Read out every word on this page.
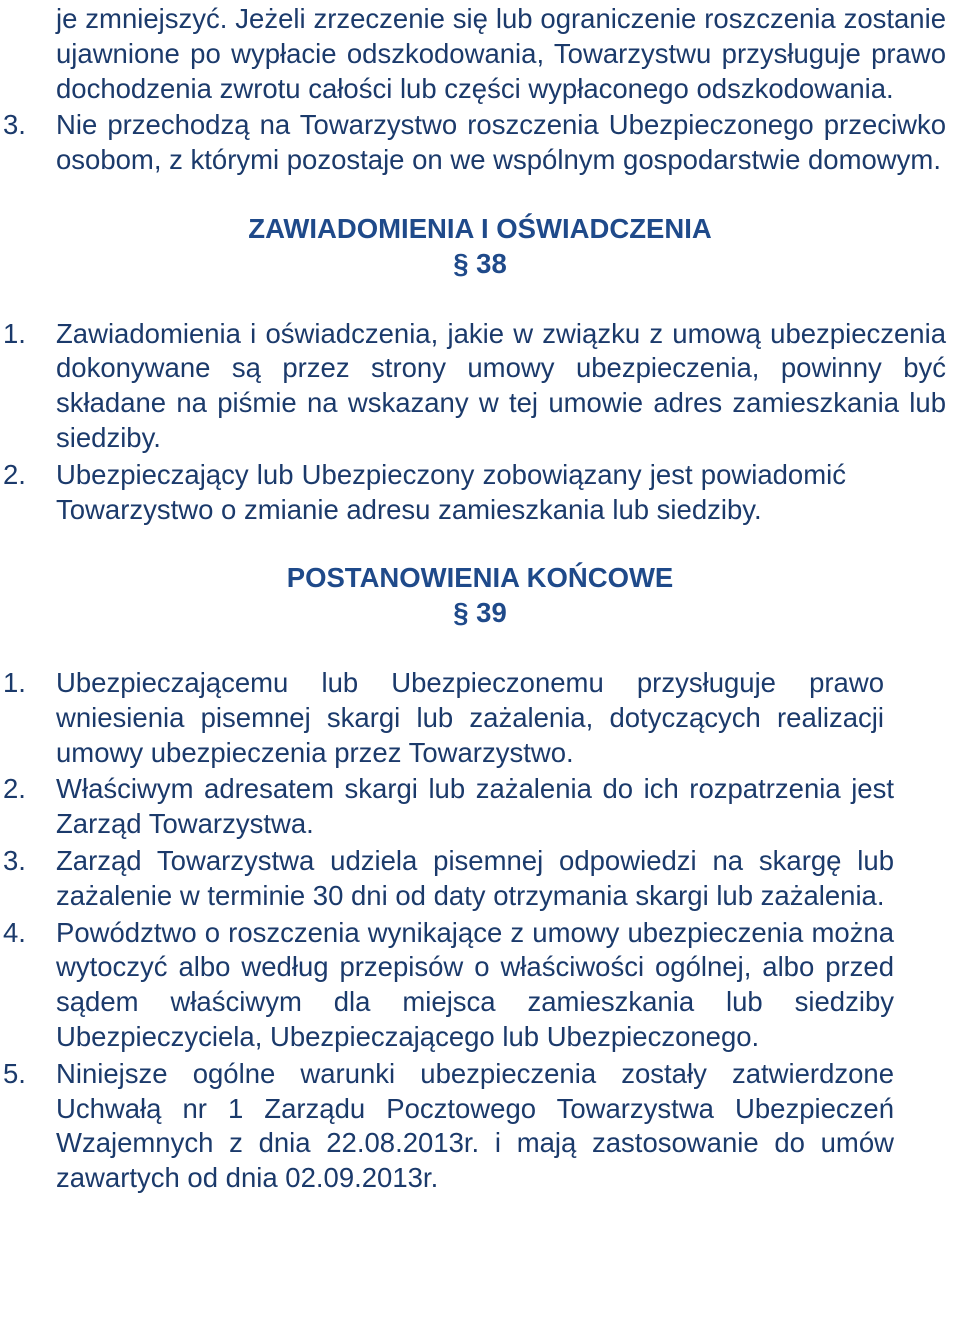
je zmniejszyć. Jeżeli zrzeczenie się lub ograniczenie roszczenia zostanie ujawnione po wypłacie odszkodowania, Towarzystwu przysługuje prawo dochodzenia zwrotu całości lub części wypłaconego odszkodowania.
3. Nie przechodzą na Towarzystwo roszczenia Ubezpieczonego przeciwko osobom, z którymi pozostaje on we wspólnym gospodarstwie domowym.
ZAWIADOMIENIA I OŚWIADCZENIA
§ 38
1. Zawiadomienia i oświadczenia, jakie w związku z umową ubezpieczenia dokonywane są przez strony umowy ubezpieczenia, powinny być składane na piśmie na wskazany w tej umowie adres zamieszkania lub siedziby.
2. Ubezpieczający lub Ubezpieczony zobowiązany jest powiadomić Towarzystwo o zmianie adresu zamieszkania lub siedziby.
POSTANOWIENIA KOŃCOWE
§ 39
1. Ubezpieczającemu lub Ubezpieczonemu przysługuje prawo wniesienia pisemnej skargi lub zażalenia, dotyczących realizacji umowy ubezpieczenia przez Towarzystwo.
2. Właściwym adresatem skargi lub zażalenia do ich rozpatrzenia jest Zarząd Towarzystwa.
3. Zarząd Towarzystwa udziela pisemnej odpowiedzi na skargę lub zażalenie w terminie 30 dni od daty otrzymania skargi lub zażalenia.
4. Powództwo o roszczenia wynikające z umowy ubezpieczenia można wytoczyć albo według przepisów o właściwości ogólnej, albo przed sądem właściwym dla miejsca zamieszkania lub siedziby Ubezpieczyciela, Ubezpieczającego lub Ubezpieczonego.
5. Niniejsze ogólne warunki ubezpieczenia zostały zatwierdzone Uchwałą nr 1 Zarządu Pocztowego Towarzystwa Ubezpieczeń Wzajemnych z dnia 22.08.2013r. i mają zastosowanie do umów zawartych od dnia 02.09.2013r.
